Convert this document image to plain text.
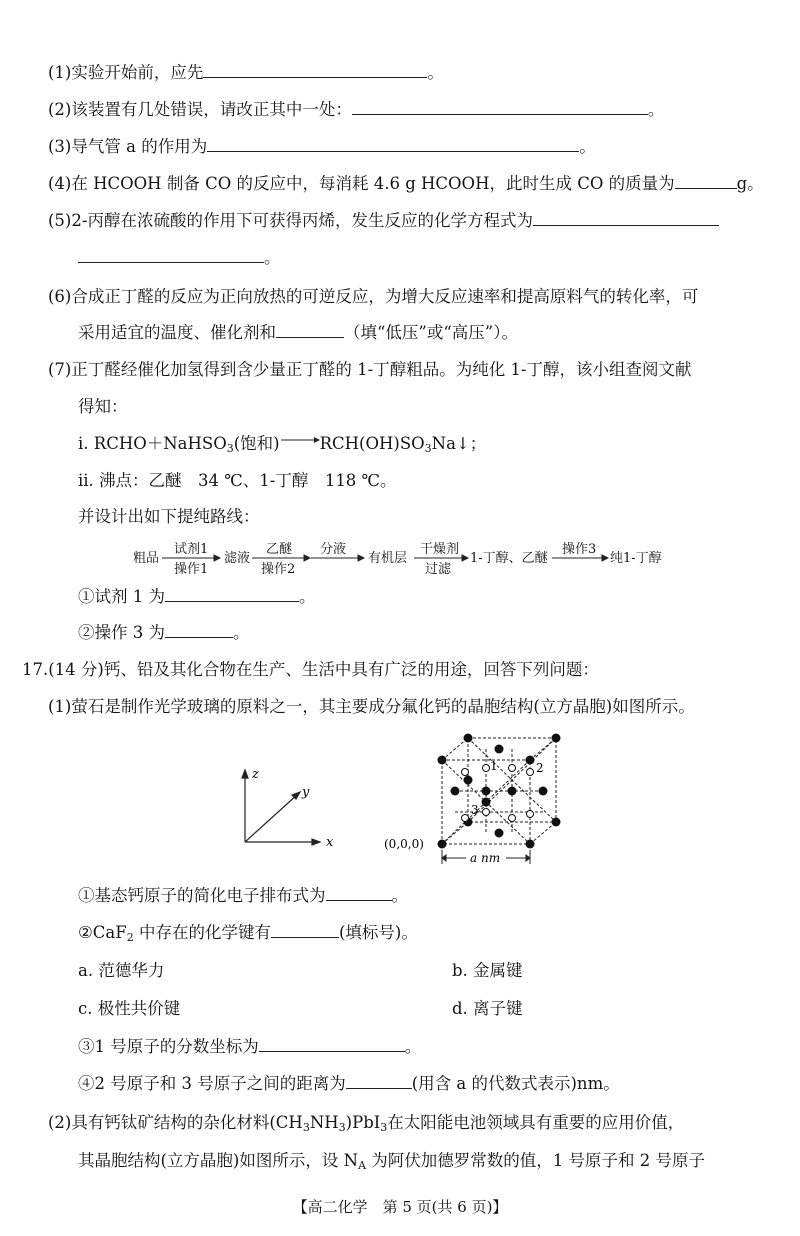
(1)实验开始前，应先	。
(2)该装置有几处错误，请改正其中一处：	。
(3)导气管 a 的作用为	。
(4)在 HCOOH 制备 CO 的反应中，每消耗 4.6 g HCOOH，此时生成 CO 的质量为	g。
(5)2-丙醇在浓硫酸的作用下可获得丙烯，发生反应的化学方程式为
。
(6)合成正丁醛的反应为正向放热的可逆反应，为增大反应速率和提高原料气的转化率，可
采用适宜的温度、催化剂和	（填“低压”或“高压”）。
(7)正丁醛经催化加氢得到含少量正丁醛的 1-丁醇粗品。为纯化 1-丁醇，该小组查阅文献
得知：
ⅰ. RCHO＋NaHSO$_3$(饱和) $RCH(OH)SO_3Na↓$；
ⅱ. 沸点：乙醚　34 ℃、1-丁醇　118 ℃。
并设计出如下提纯路线：
粗品
试剂1
操作1
滤液
乙醚
操作2
分液
有机层
干燥剂
过滤
1-丁醇、乙醚
操作3
纯1-丁醇
①试剂 1 为	。
②操作 3 为	。
17.(14 分)钙、铅及其化合物在生产、生活中具有广泛的用途，回答下列问题：
(1)萤石是制作光学玻璃的原料之一，其主要成分氟化钙的晶胞结构(立方晶胞)如图所示。
z
y
x
1	2
3
(0,0,0)
a nm
①基态钙原子的简化电子排布式为	。
②CaF$_2$ 中存在的化学键有	(填标号)。
a. 范德华力	b. 金属键
c. 极性共价键	d. 离子键
③1 号原子的分数坐标为	。
④2 号原子和 3 号原子之间的距离为	(用含 a 的代数式表示)nm。
(2)具有钙钛矿结构的杂化材料$(CH_3NH_3)PbI_3$在太阳能电池领域具有重要的应用价值，
其晶胞结构(立方晶胞)如图所示，设 $N_A$ 为阿伏加德罗常数的值，1 号原子和 2 号原子
【高二化学　第 5 页(共 6 页)】
